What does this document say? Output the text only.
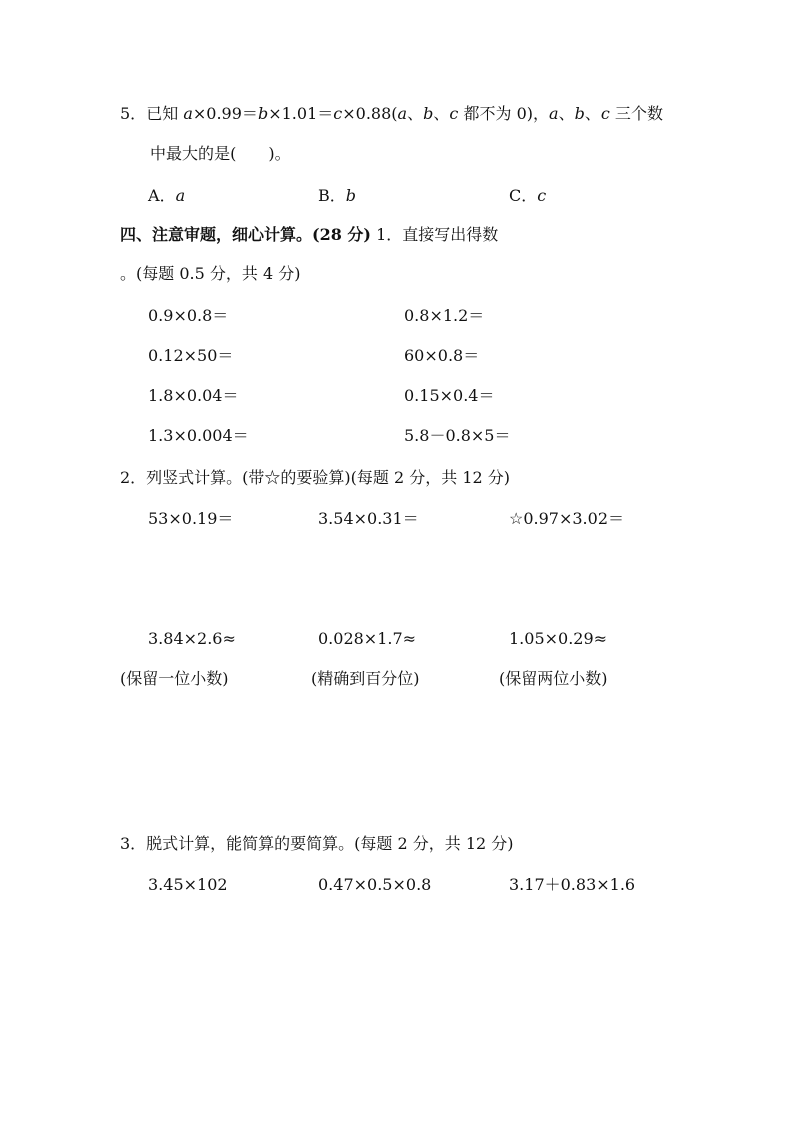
5．已知 a×0.99＝b×1.01＝c×0.88(a、b、c 都不为 0)，a、b、c 三个数
中最大的是(　　 )。
A．a	B．b	C．c
四、注意审题，细心计算。(28 分) 1．直接写出得数
。(每题 0.5 分，共 4 分)
0.9×0.8＝	0.8×1.2＝
0.12×50＝	60×0.8＝
1.8×0.04＝	0.15×0.4＝
1.3×0.004＝	5.8－0.8×5＝
2．列竖式计算。(带☆的要验算)(每题 2 分，共 12 分)
53×0.19＝	3.54×0.31＝	☆0.97×3.02＝
3.84×2.6≈	0.028×1.7≈	1.05×0.29≈
(保留一位小数)	(精确到百分位)	(保留两位小数)
3．脱式计算，能简算的要简算。(每题 2 分，共 12 分)
3.45×102	0.47×0.5×0.8	3.17＋0.83×1.6
